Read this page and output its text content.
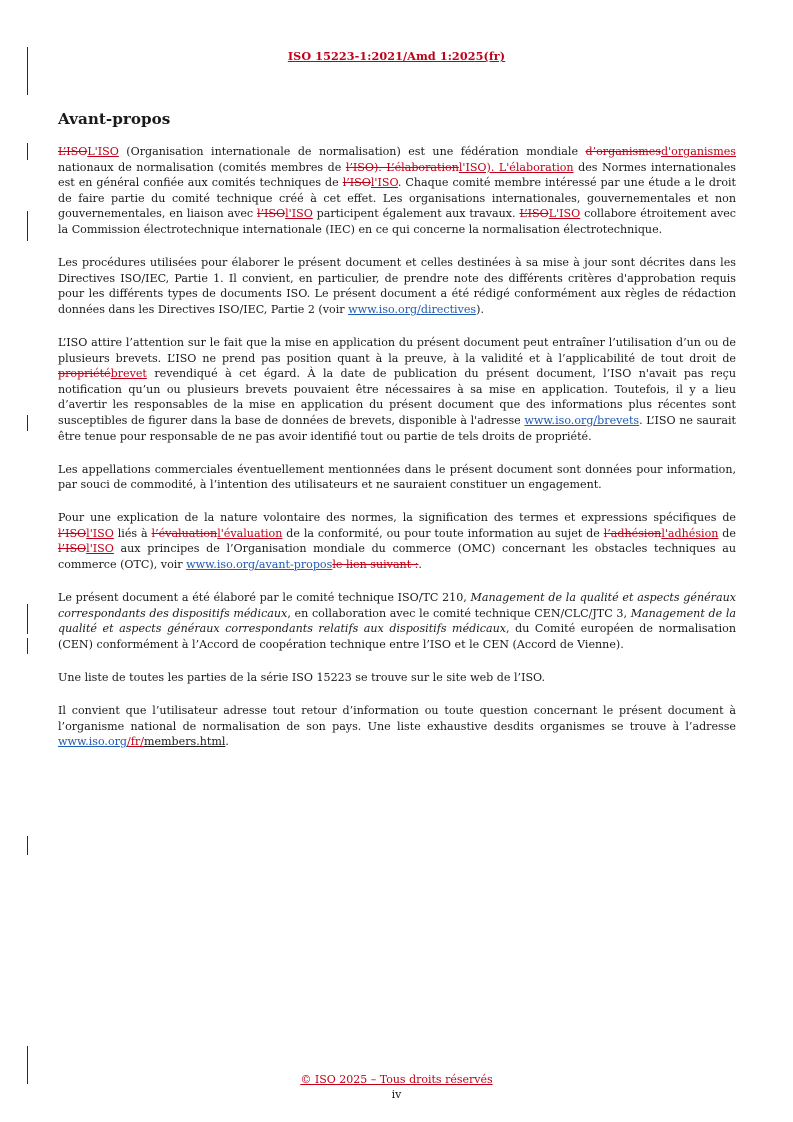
ISO 15223-1:2021/Amd 1:2025(fr)
Avant-propos

L’ISOL'ISO (Organisation internationale de normalisation) est une fédération mondiale d’organismesd'organismes nationaux de normalisation (comités membres de l’ISO). L’élaborationl'ISO). L'élaboration des Normes internationales est en général confiée aux comités techniques de l’ISOl'ISO. Chaque comité membre intéressé par une étude a le droit de faire partie du comité technique créé à cet effet. Les organisations internationales, gouvernementales et non gouvernementales, en liaison avec l’ISOl'ISO participent également aux travaux. L’ISOL'ISO collabore étroitement avec la Commission électrotechnique internationale (IEC) en ce qui concerne la normalisation électrotechnique.

Les procédures utilisées pour élaborer le présent document et celles destinées à sa mise à jour sont décrites dans les Directives ISO/IEC, Partie 1. Il convient, en particulier, de prendre note des différents critères d'approbation requis pour les différents types de documents ISO. Le présent document a été rédigé conformément aux règles de rédaction données dans les Directives ISO/IEC, Partie 2 (voir www.iso.org/directives).

L’ISO attire l’attention sur le fait que la mise en application du présent document peut entraîner l’utilisation d’un ou de plusieurs brevets. L’ISO ne prend pas position quant à la preuve, à la validité et à l’applicabilité de tout droit de propriétébrevet revendiqué à cet égard. À la date de publication du présent document, l’ISO n'avait pas reçu notification qu’un ou plusieurs brevets pouvaient être nécessaires à sa mise en application. Toutefois, il y a lieu d’avertir les responsables de la mise en application du présent document que des informations plus récentes sont susceptibles de figurer dans la base de données de brevets, disponible à l'adresse www.iso.org/brevets. L’ISO ne saurait être tenue pour responsable de ne pas avoir identifié tout ou partie de tels droits de propriété.

Les appellations commerciales éventuellement mentionnées dans le présent document sont données pour information, par souci de commodité, à l’intention des utilisateurs et ne sauraient constituer un engagement.

Pour une explication de la nature volontaire des normes, la signification des termes et expressions spécifiques de l’ISOl'ISO liés à l’évaluationl'évaluation de la conformité, ou pour toute information au sujet de l’adhésionl'adhésion de l’ISOl'ISO aux principes de l’Organisation mondiale du commerce (OMC) concernant les obstacles techniques au commerce (OTC), voir www.iso.org/avant-proposle lien suivant :.

Le présent document a été élaboré par le comité technique ISO/TC 210, Management de la qualité et aspects généraux correspondants des dispositifs médicaux, en collaboration avec le comité technique CEN/CLC/JTC 3, Management de la qualité et aspects généraux correspondants relatifs aux dispositifs médicaux, du Comité européen de normalisation (CEN) conformément à l’Accord de coopération technique entre l’ISO et le CEN (Accord de Vienne).

Une liste de toutes les parties de la série ISO 15223 se trouve sur le site web de l’ISO.

Il convient que l’utilisateur adresse tout retour d’information ou toute question concernant le présent document à l’organisme national de normalisation de son pays. Une liste exhaustive desdits organismes se trouve à l’adresse www.iso.org/fr/members.html.

© ISO 2025 – Tous droits réservés
iv
